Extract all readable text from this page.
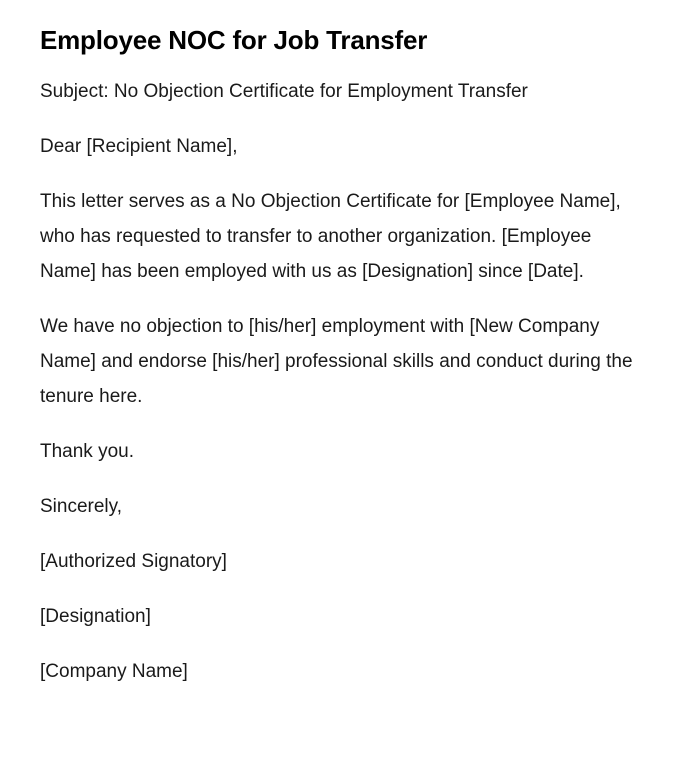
Employee NOC for Job Transfer

Subject: No Objection Certificate for Employment Transfer

Dear [Recipient Name],

This letter serves as a No Objection Certificate for [Employee Name], who has requested to transfer to another organization. [Employee Name] has been employed with us as [Designation] since [Date].

We have no objection to [his/her] employment with [New Company Name] and endorse [his/her] professional skills and conduct during the tenure here.

Thank you.

Sincerely,

[Authorized Signatory]

[Designation]

[Company Name]
